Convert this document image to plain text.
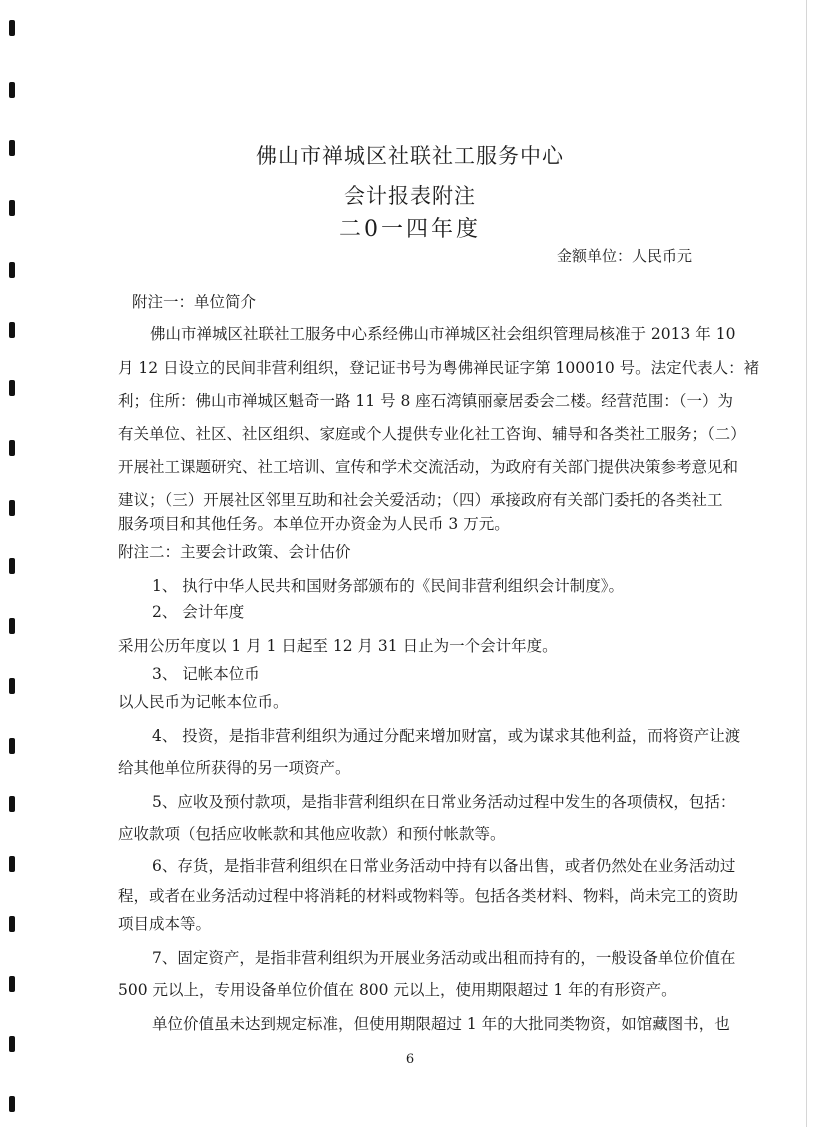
佛山市禅城区社联社工服务中心
会计报表附注
二0一四年度
金额单位：人民币元
附注一：单位简介
佛山市禅城区社联社工服务中心系经佛山市禅城区社会组织管理局核准于 2013 年 10
月 12 日设立的民间非营利组织，登记证书号为粤佛禅民证字第 100010 号。法定代表人：褚
利；住所：佛山市禅城区魁奇一路 11 号 8 座石湾镇丽豪居委会二楼。经营范围：（一）为
有关单位、社区、社区组织、家庭或个人提供专业化社工咨询、辅导和各类社工服务；（二）
开展社工课题研究、社工培训、宣传和学术交流活动，为政府有关部门提供决策参考意见和
建议；（三）开展社区邻里互助和社会关爱活动；（四）承接政府有关部门委托的各类社工
服务项目和其他任务。本单位开办资金为人民币 3 万元。
附注二：主要会计政策、会计估价
1、 执行中华人民共和国财务部颁布的《民间非营利组织会计制度》。
2、 会计年度
采用公历年度以 1 月 1 日起至 12 月 31 日止为一个会计年度。
3、 记帐本位币
以人民币为记帐本位币。
4、 投资，是指非营利组织为通过分配来增加财富，或为谋求其他利益，而将资产让渡
给其他单位所获得的另一项资产。
5、应收及预付款项，是指非营利组织在日常业务活动过程中发生的各项债权，包括：
应收款项（包括应收帐款和其他应收款）和预付帐款等。
6、存货，是指非营利组织在日常业务活动中持有以备出售，或者仍然处在业务活动过
程，或者在业务活动过程中将消耗的材料或物料等。包括各类材料、物料，尚未完工的资助
项目成本等。
7、固定资产，是指非营利组织为开展业务活动或出租而持有的，一般设备单位价值在
500 元以上，专用设备单位价值在 800 元以上，使用期限超过 1 年的有形资产。
单位价值虽未达到规定标准，但使用期限超过 1 年的大批同类物资，如馆藏图书，也
6
